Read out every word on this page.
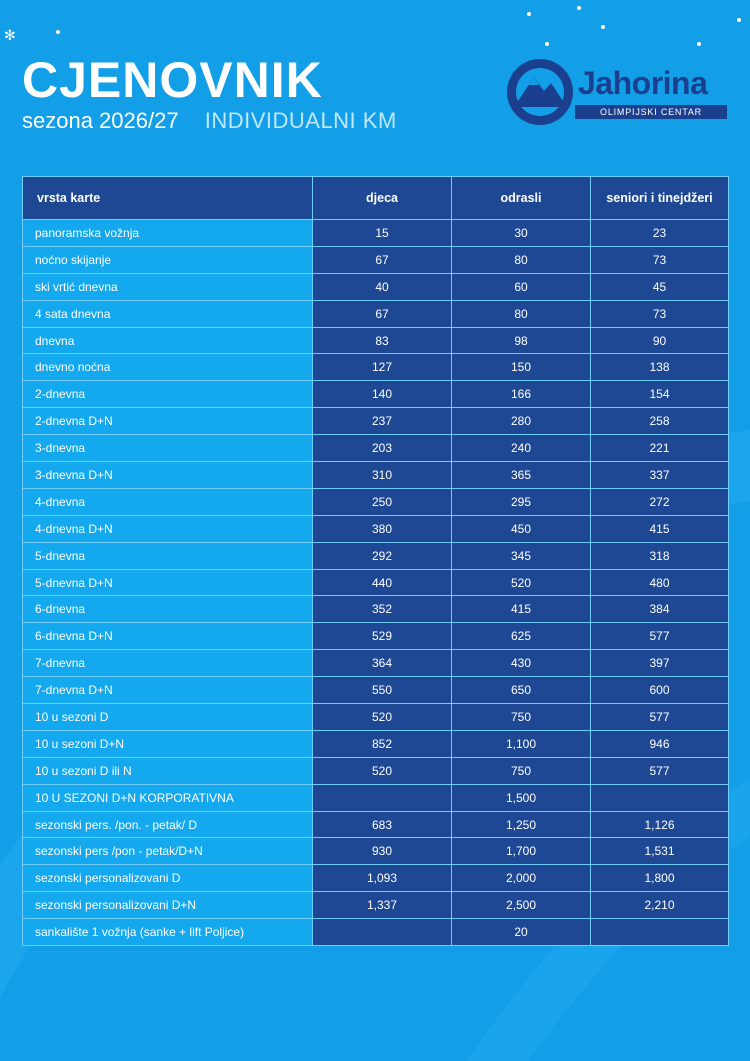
✻
CJENOVNIK
sezona 2026/27 INDIVIDUALNI KM
Jahorina
OLIMPIJSKI CENTAR
vrsta karte	djeca	odrasli	seniori i tinejdžeri
panoramska vožnja	15	30	23
noćno skijanje	67	80	73
ski vrtić dnevna	40	60	45
4 sata dnevna	67	80	73
dnevna	83	98	90
dnevno noćna	127	150	138
2-dnevna	140	166	154
2-dnevna D+N	237	280	258
3-dnevna	203	240	221
3-dnevna D+N	310	365	337
4-dnevna	250	295	272
4-dnevna D+N	380	450	415
5-dnevna	292	345	318
5-dnevna D+N	440	520	480
6-dnevna	352	415	384
6-dnevna D+N	529	625	577
7-dnevna	364	430	397
7-dnevna D+N	550	650	600
10 u sezoni D	520	750	577
10 u sezoni D+N	852	1,100	946
10 u sezoni D ili N	520	750	577
10 U SEZONI D+N KORPORATIVNA		1,500	
sezonski pers. /pon. - petak/ D	683	1,250	1,126
sezonski pers /pon - petak/D+N	930	1,700	1,531
sezonski personalizovani D	1,093	2,000	1,800
sezonski personalizovani D+N	1,337	2,500	2,210
sankalište 1 vožnja (sanke + lift Poljice)		20	
